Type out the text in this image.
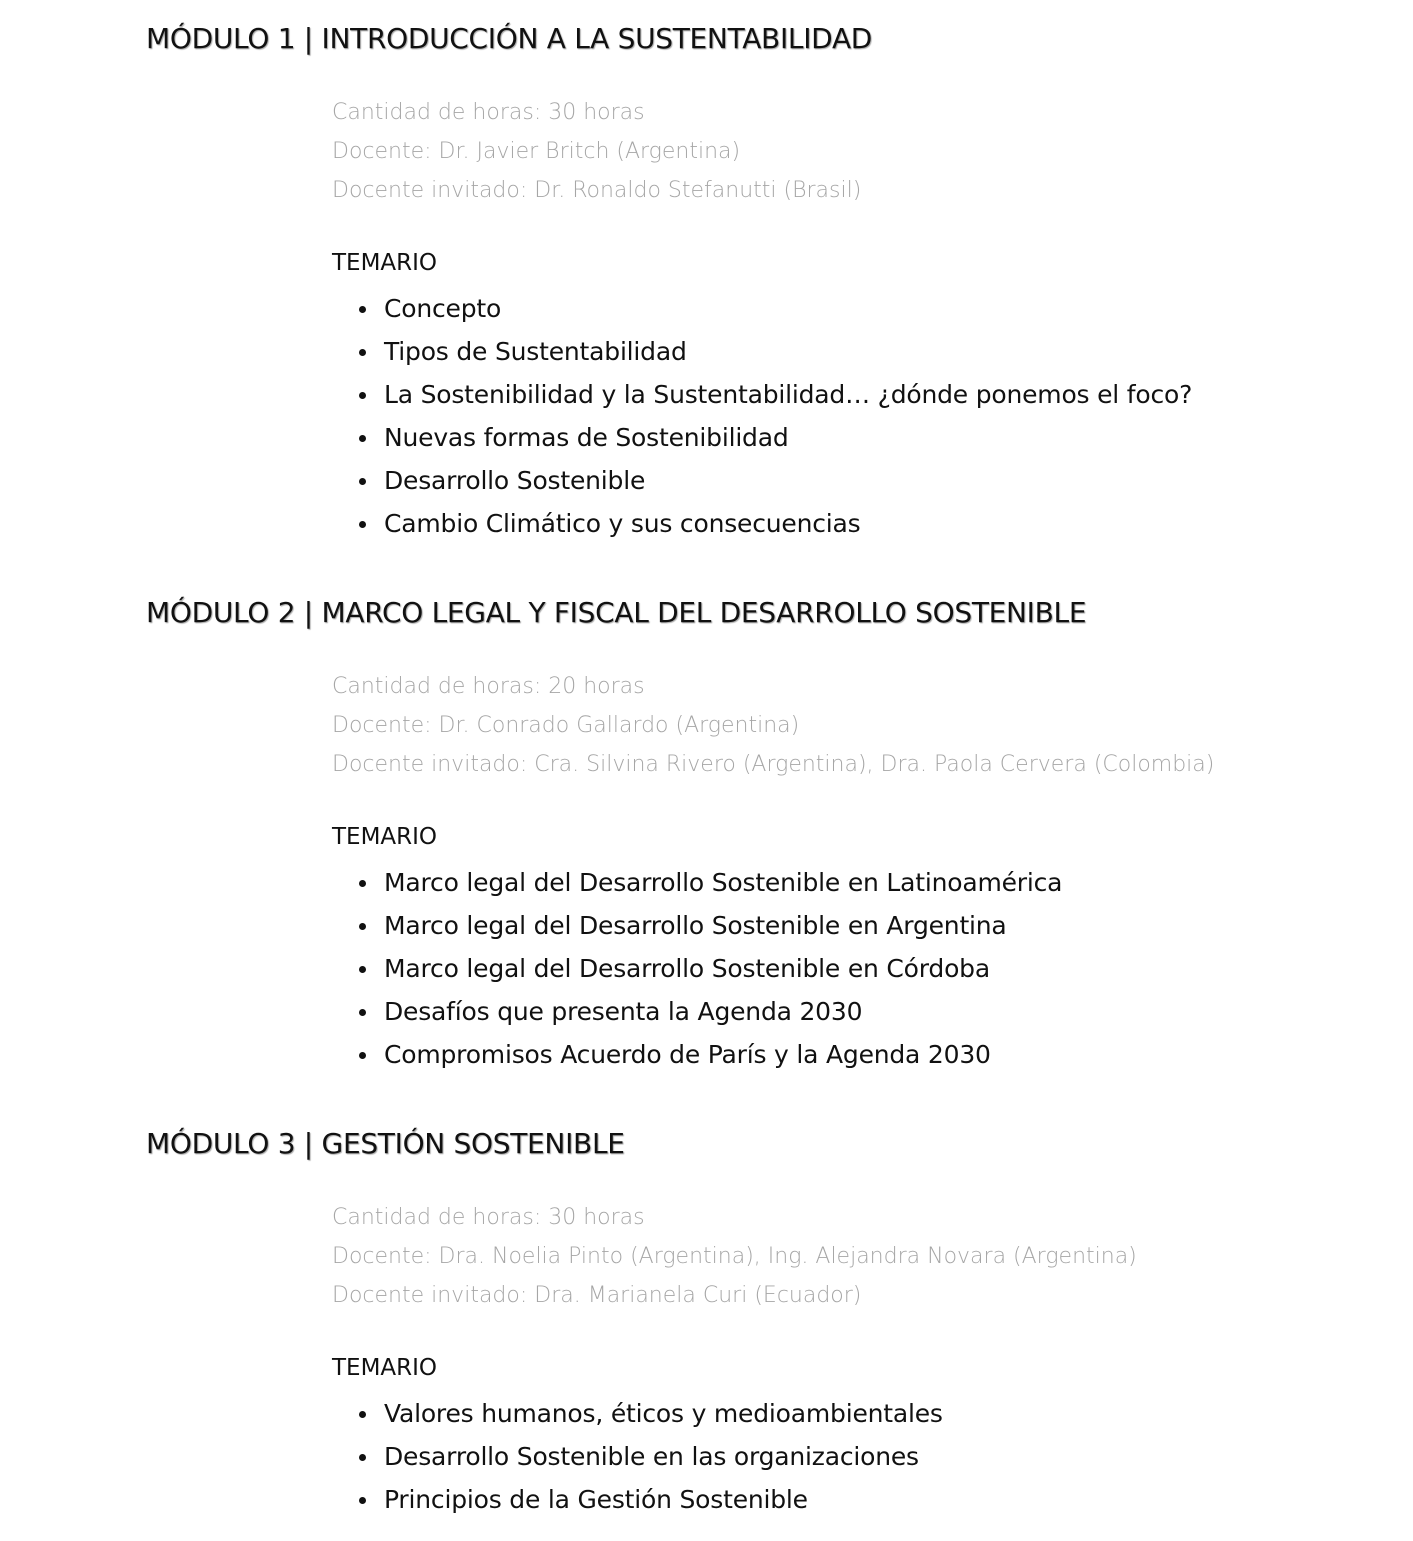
MÓDULO 1 | INTRODUCCIÓN A LA SUSTENTABILIDAD
Cantidad de horas: 30 horas
Docente: Dr. Javier Britch (Argentina)
Docente invitado: Dr. Ronaldo Stefanutti (Brasil)
TEMARIO
Concepto
Tipos de Sustentabilidad
La Sostenibilidad y la Sustentabilidad… ¿dónde ponemos el foco?
Nuevas formas de Sostenibilidad
Desarrollo Sostenible
Cambio Climático y sus consecuencias
MÓDULO 2 | MARCO LEGAL Y FISCAL DEL DESARROLLO SOSTENIBLE
Cantidad de horas: 20 horas
Docente: Dr. Conrado Gallardo (Argentina)
Docente invitado: Cra. Silvina Rivero (Argentina), Dra. Paola Cervera (Colombia)
TEMARIO
Marco legal del Desarrollo Sostenible en Latinoamérica
Marco legal del Desarrollo Sostenible en Argentina
Marco legal del Desarrollo Sostenible en Córdoba
Desafíos que presenta la Agenda 2030
Compromisos Acuerdo de París y la Agenda 2030
MÓDULO 3 | GESTIÓN SOSTENIBLE
Cantidad de horas: 30 horas
Docente: Dra. Noelia Pinto (Argentina), Ing. Alejandra Novara (Argentina)
Docente invitado: Dra. Marianela Curi (Ecuador)
TEMARIO
Valores humanos, éticos y medioambientales
Desarrollo Sostenible en las organizaciones
Principios de la Gestión Sostenible
